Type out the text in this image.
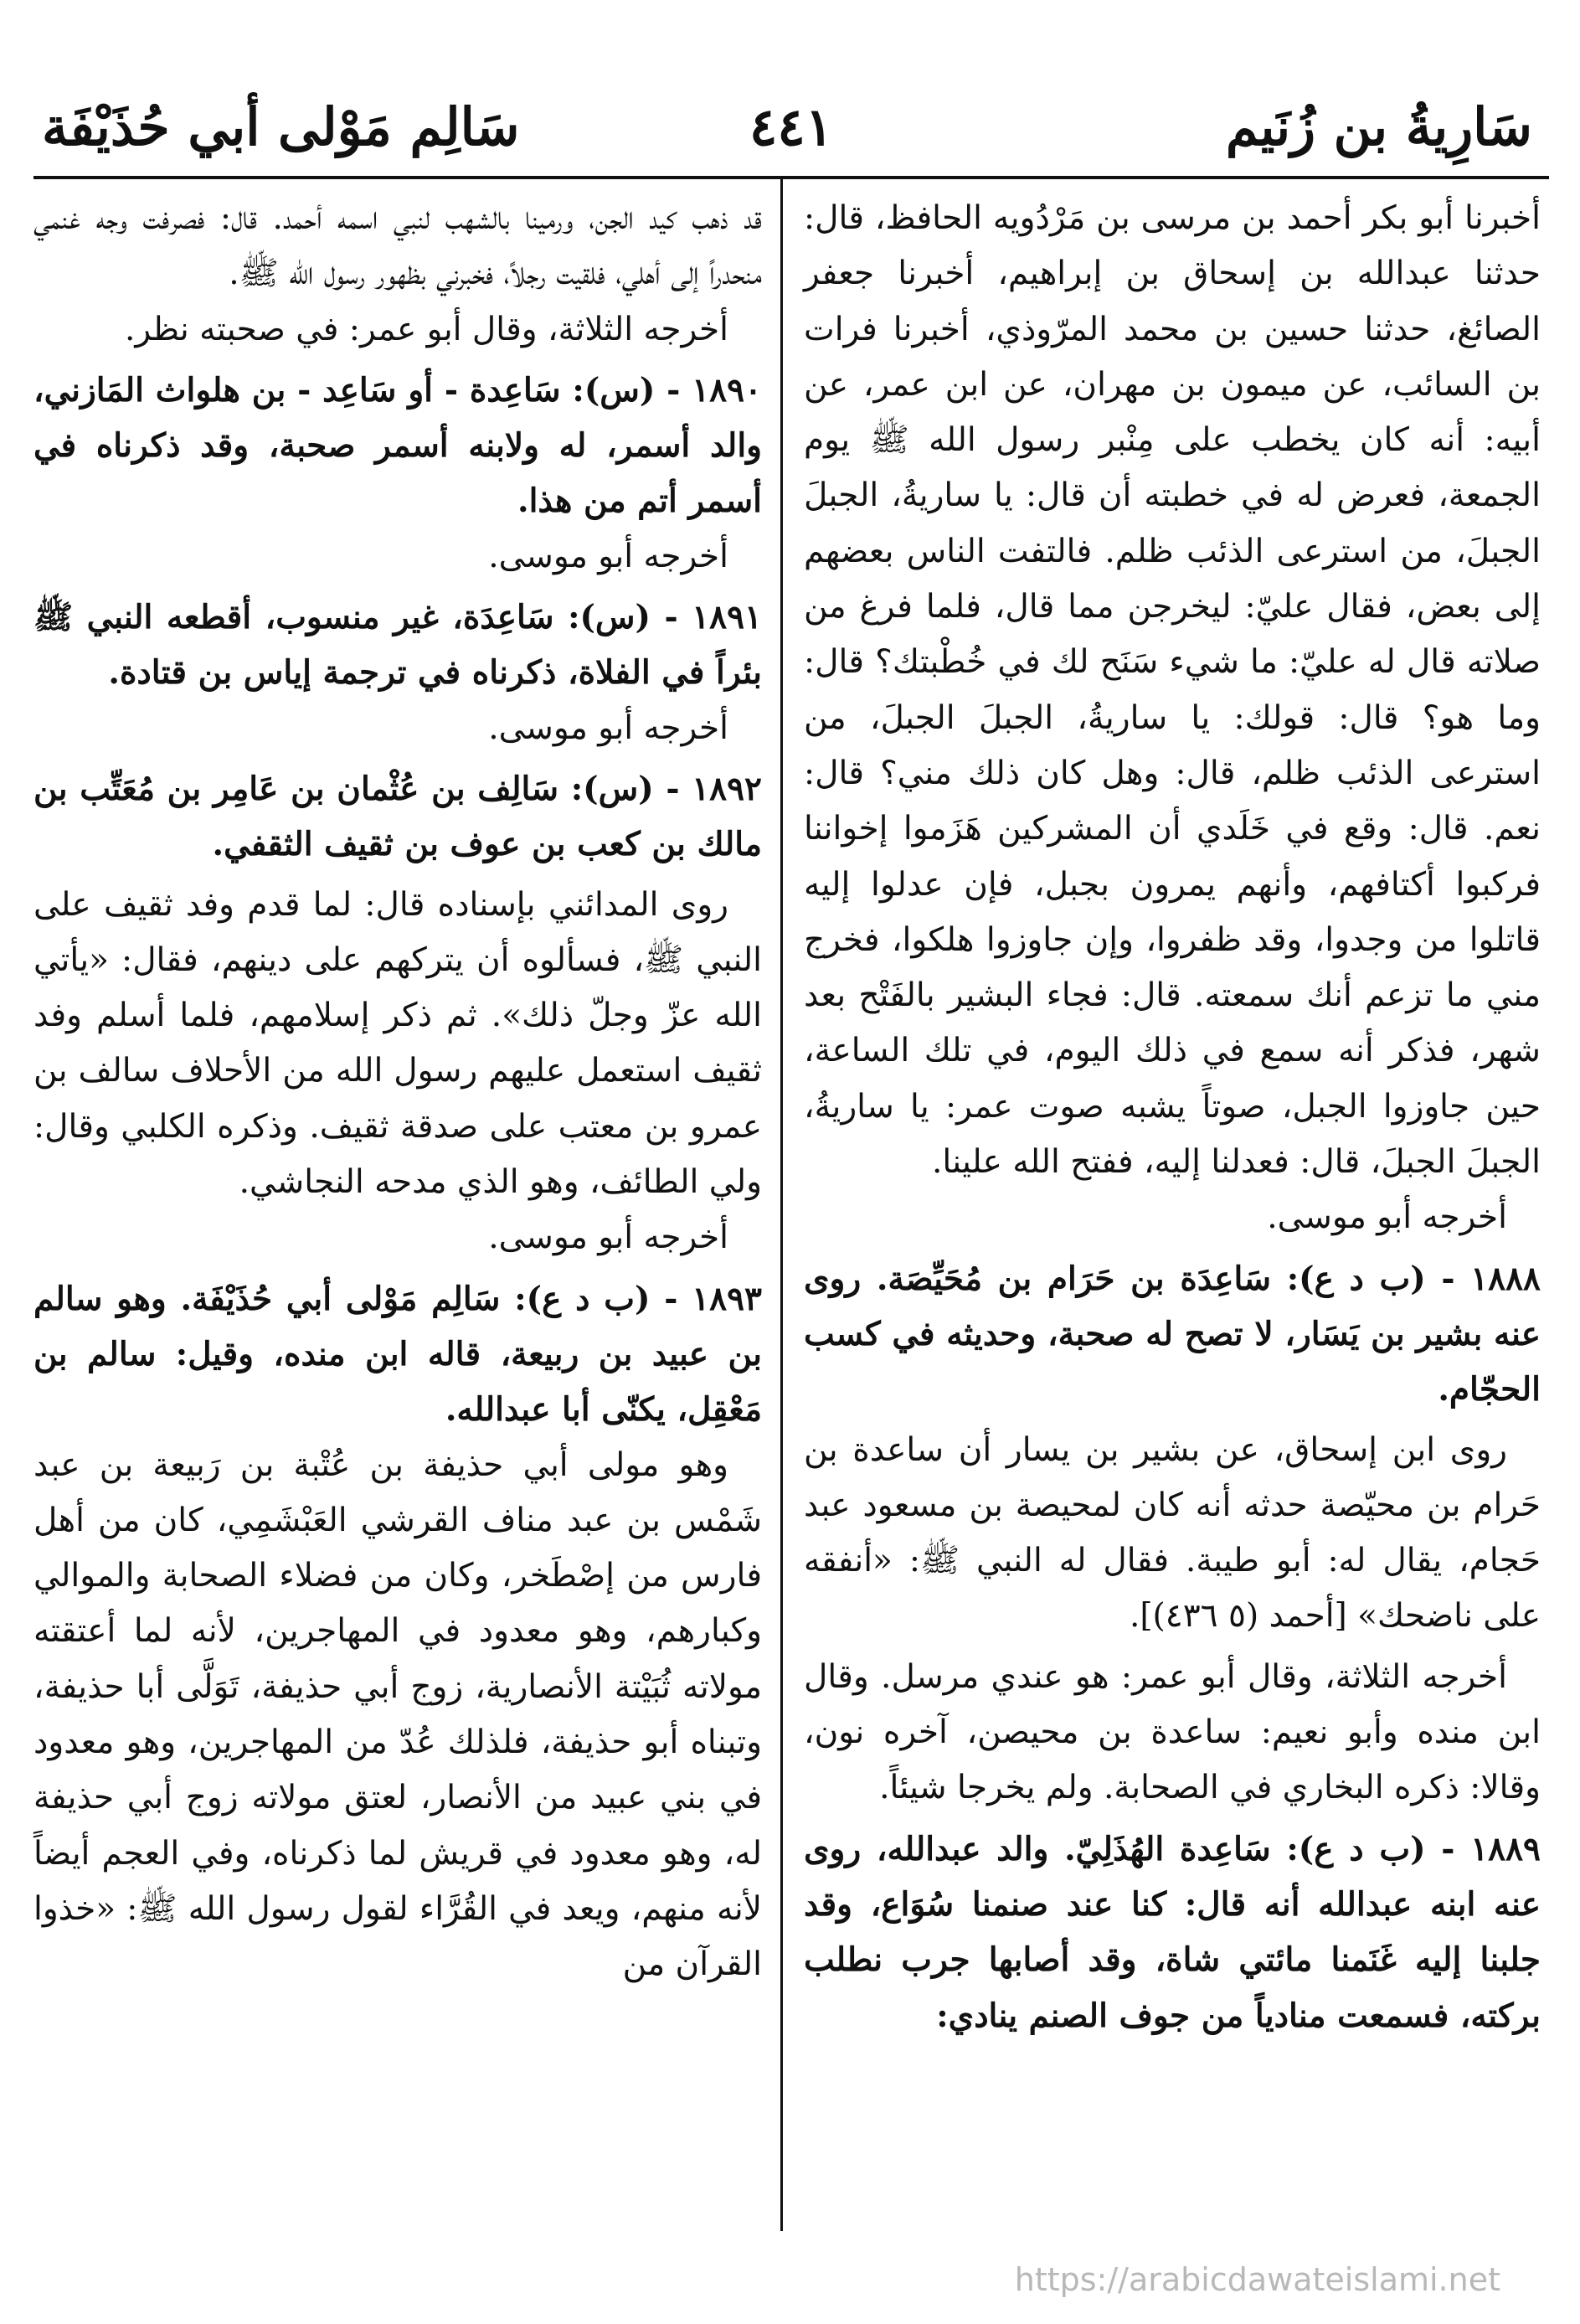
سَارِيةُ بن زُنَيم
٤٤١
سَالِم مَوْلى أبي حُذَيْفَة

أخبرنا أبو بكر أحمد بن مرسى بن مَرْدُويه الحافظ، قال: حدثنا عبدالله بن إسحاق بن إبراهيم، أخبرنا جعفر الصائغ، حدثنا حسين بن محمد المرّوذي، أخبرنا فرات بن السائب، عن ميمون بن مهران، عن ابن عمر، عن أبيه: أنه كان يخطب على مِنْبر رسول الله ﷺ يوم الجمعة، فعرض له في خطبته أن قال: يا ساريةُ، الجبلَ الجبلَ، من استرعى الذئب ظلم. فالتفت الناس بعضهم إلى بعض، فقال عليّ: ليخرجن مما قال، فلما فرغ من صلاته قال له عليّ: ما شيء سَنَح لك في خُطْبتك؟ قال: وما هو؟ قال: قولك: يا ساريةُ، الجبلَ الجبلَ، من استرعى الذئب ظلم، قال: وهل كان ذلك مني؟ قال: نعم. قال: وقع في خَلَدي أن المشركين هَزَموا إخواننا فركبوا أكتافهم، وأنهم يمرون بجبل، فإن عدلوا إليه قاتلوا من وجدوا، وقد ظفروا، وإن جاوزوا هلكوا، فخرج مني ما تزعم أنك سمعته. قال: فجاء البشير بالفَتْح بعد شهر، فذكر أنه سمع في ذلك اليوم، في تلك الساعة، حين جاوزوا الجبل، صوتاً يشبه صوت عمر: يا ساريةُ، الجبلَ الجبلَ، قال: فعدلنا إليه، ففتح الله علينا.

أخرجه أبو موسى.

١٨٨٨ - (ب د ع): سَاعِدَة بن حَرَام بن مُحَيِّصَة. روى عنه بشير بن يَسَار، لا تصح له صحبة، وحديثه في كسب الحجّام.

روى ابن إسحاق، عن بشير بن يسار أن ساعدة بن حَرام بن محيّصة حدثه أنه كان لمحيصة بن مسعود عبد حَجام، يقال له: أبو طيبة. فقال له النبي ﷺ: «أنفقه على ناضحك» [أحمد (٥ ٤٣٦)].

أخرجه الثلاثة، وقال أبو عمر: هو عندي مرسل. وقال ابن منده وأبو نعيم: ساعدة بن محيصن، آخره نون، وقالا: ذكره البخاري في الصحابة. ولم يخرجا شيئاً.

١٨٨٩ - (ب د ع): سَاعِدة الهُذَلِيّ. والد عبدالله، روى عنه ابنه عبدالله أنه قال: كنا عند صنمنا سُوَاع، وقد جلبنا إليه غَنَمنا مائتي شاة، وقد أصابها جرب نطلب بركته، فسمعت منادياً من جوف الصنم ينادي:

قد ذهب كيد الجن، ورمينا بالشهب لنبي اسمه أحمد. قال: فصرفت وجه غنمي منحدراً إلى أهلي، فلقيت رجلاً، فخبرني بظهور رسول الله ﷺ.

أخرجه الثلاثة، وقال أبو عمر: في صحبته نظر.

١٨٩٠ - (س): سَاعِدة - أو سَاعِد - بن هلواث المَازني، والد أسمر، له ولابنه أسمر صحبة، وقد ذكرناه في أسمر أتم من هذا.

أخرجه أبو موسى.

١٨٩١ - (س): سَاعِدَة، غير منسوب، أقطعه النبي ﷺ بئراً في الفلاة، ذكرناه في ترجمة إياس بن قتادة.

أخرجه أبو موسى.

١٨٩٢ - (س): سَالِف بن عُثْمان بن عَامِر بن مُعَتِّب بن مالك بن كعب بن عوف بن ثقيف الثقفي.

روى المدائني بإسناده قال: لما قدم وفد ثقيف على النبي ﷺ، فسألوه أن يتركهم على دينهم، فقال: «يأتي الله عزّ وجلّ ذلك». ثم ذكر إسلامهم، فلما أسلم وفد ثقيف استعمل عليهم رسول الله من الأحلاف سالف بن عمرو بن معتب على صدقة ثقيف. وذكره الكلبي وقال: ولي الطائف، وهو الذي مدحه النجاشي.

أخرجه أبو موسى.

١٨٩٣ - (ب د ع): سَالِم مَوْلى أبي حُذَيْفَة. وهو سالم بن عبيد بن ربيعة، قاله ابن منده، وقيل: سالم بن مَعْقِل، يكنّى أبا عبدالله.

وهو مولى أبي حذيفة بن عُتْبة بن رَبيعة بن عبد شَمْس بن عبد مناف القرشي العَبْشَمِي، كان من أهل فارس من إصْطَخر، وكان من فضلاء الصحابة والموالي وكبارهم، وهو معدود في المهاجرين، لأنه لما أعتقته مولاته ثُبَيْتة الأنصارية، زوج أبي حذيفة، تَوَلَّى أبا حذيفة، وتبناه أبو حذيفة، فلذلك عُدّ من المهاجرين، وهو معدود في بني عبيد من الأنصار، لعتق مولاته زوج أبي حذيفة له، وهو معدود في قريش لما ذكرناه، وفي العجم أيضاً لأنه منهم، ويعد في القُرَّاء لقول رسول الله ﷺ: «خذوا القرآن من

https://arabicdawateislami.net
